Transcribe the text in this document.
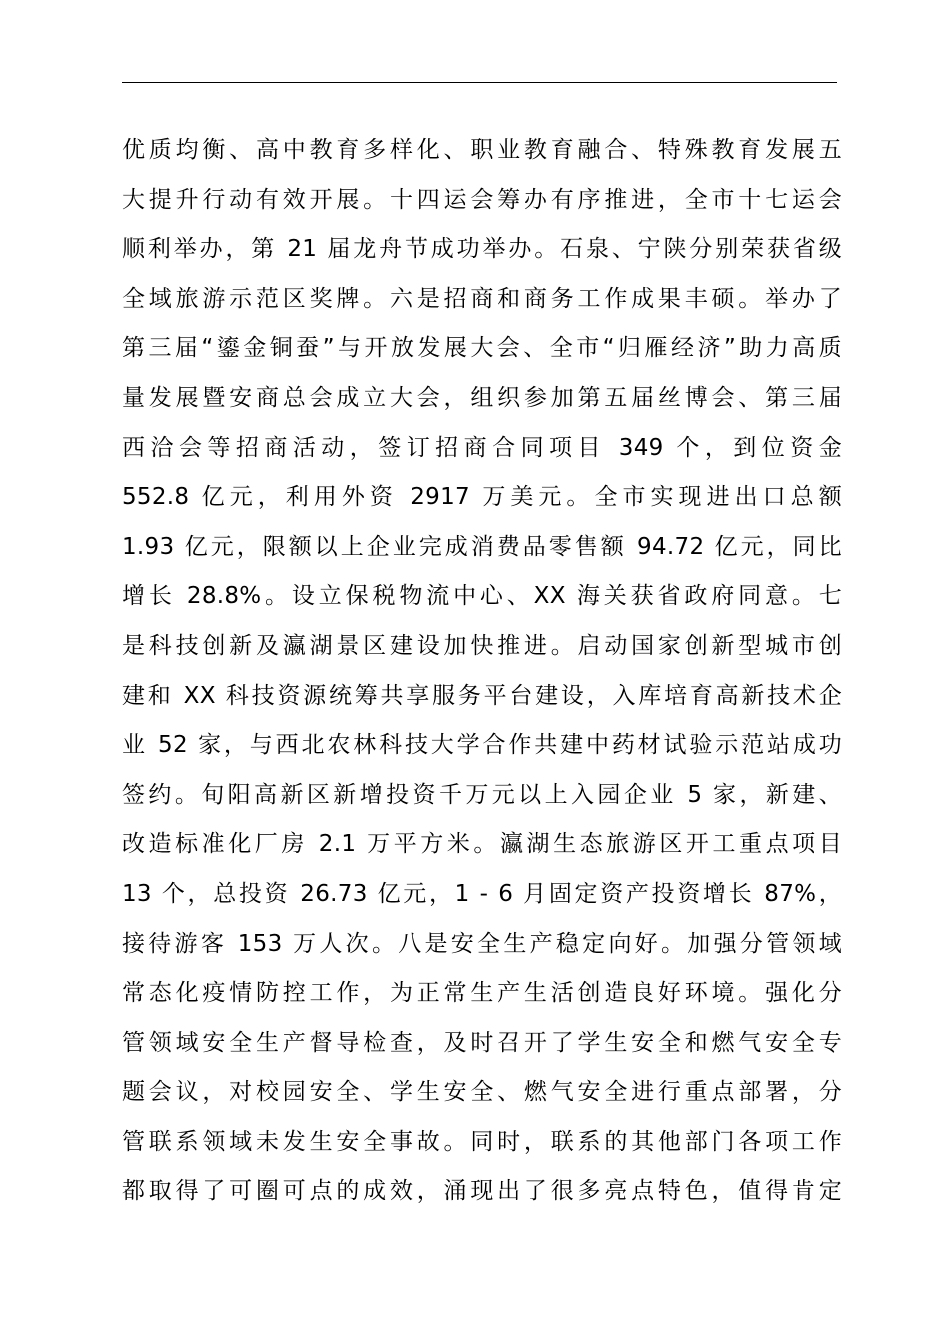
优质均衡、高中教育多样化、职业教育融合、特殊教育发展五
大提升行动有效开展。十四运会筹办有序推进，全市十七运会
顺利举办，第 21 届龙舟节成功举办。石泉、宁陕分别荣获省级
全域旅游示范区奖牌。六是招商和商务工作成果丰硕。举办了
第三届“鎏金铜蚕”与开放发展大会、全市“归雁经济”助力高质
量发展暨安商总会成立大会，组织参加第五届丝博会、第三届
西洽会等招商活动，签订招商合同项目 349 个，到位资金
552.8 亿元，利用外资 2917 万美元。全市实现进出口总额
1.93 亿元，限额以上企业完成消费品零售额 94.72 亿元，同比
增长 28.8%。设立保税物流中心、XX 海关获省政府同意。七
是科技创新及瀛湖景区建设加快推进。启动国家创新型城市创
建和 XX 科技资源统筹共享服务平台建设，入库培育高新技术企
业 52 家，与西北农林科技大学合作共建中药材试验示范站成功
签约。旬阳高新区新增投资千万元以上入园企业 5 家，新建、
改造标准化厂房 2.1 万平方米。瀛湖生态旅游区开工重点项目
13 个，总投资 26.73 亿元，1 - 6 月固定资产投资增长 87%，
接待游客 153 万人次。八是安全生产稳定向好。加强分管领域
常态化疫情防控工作，为正常生产生活创造良好环境。强化分
管领域安全生产督导检查，及时召开了学生安全和燃气安全专
题会议，对校园安全、学生安全、燃气安全进行重点部署，分
管联系领域未发生安全事故。同时，联系的其他部门各项工作
都取得了可圈可点的成效，涌现出了很多亮点特色，值得肯定
